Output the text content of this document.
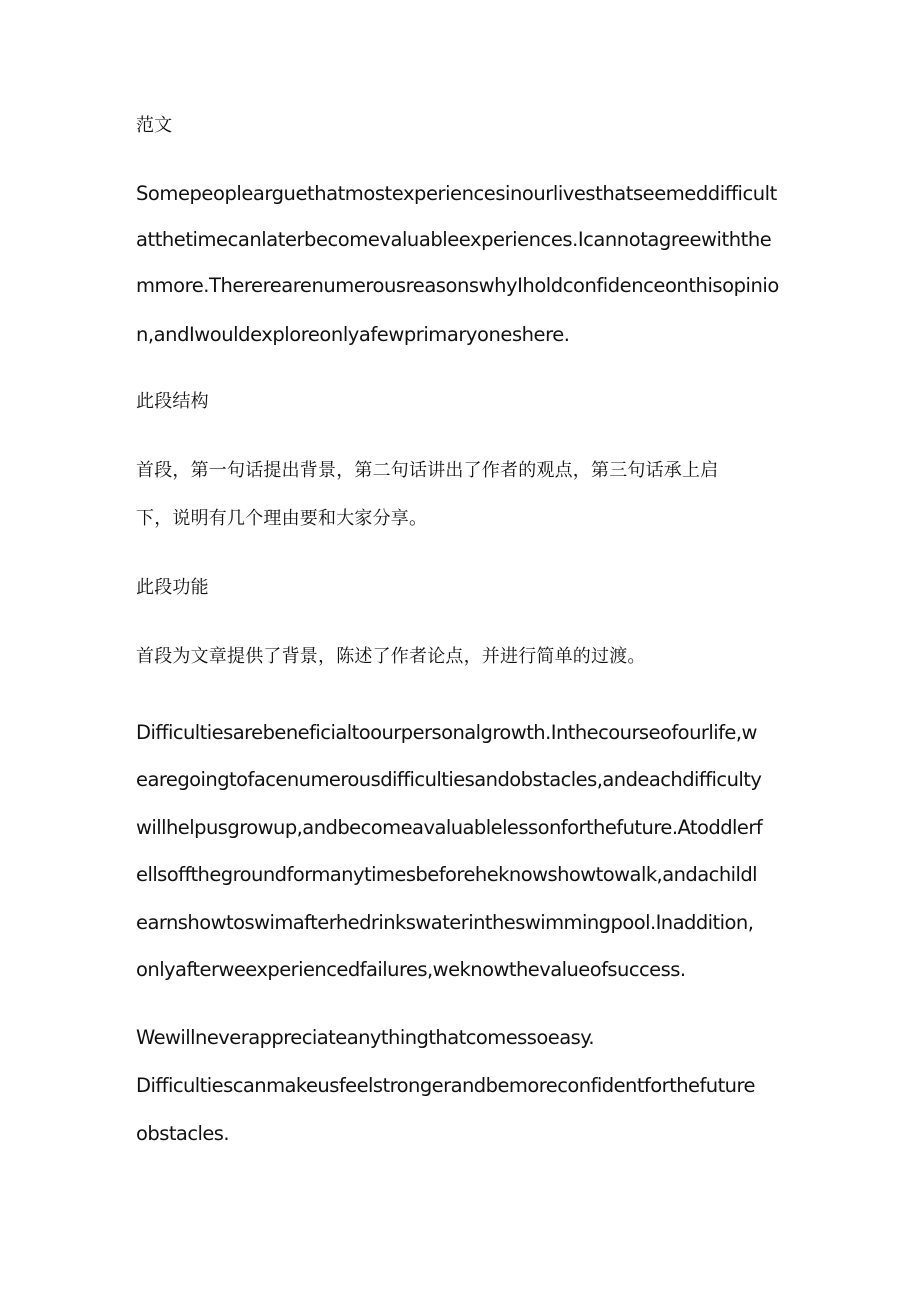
范文

Somepeoplearguethatmostexperiencesinourlivesthatseemeddifficult

atthetimecanlaterbecomevaluableexperiences.Icannotagreewiththe

mmore.ThererearenumerousreasonswhyIholdconfidenceonthisopinio

n,andIwouldexploreonlyafewprimaryoneshere.

此段结构

首段，第一句话提出背景，第二句话讲出了作者的观点，第三句话承上启

下，说明有几个理由要和大家分享。

此段功能

首段为文章提供了背景，陈述了作者论点，并进行简单的过渡。

Difficultiesarebeneficialtoourpersonalgrowth.Inthecourseofourlife,w

earegoingtofacenumerousdifficultiesandobstacles,andeachdifficulty

willhelpusgrowup,andbecomeavaluablelessonforthefuture.Atoddlerf

ellsoffthegroundformanytimesbeforeheknowshowtowalk,andachildl

earnshowtoswimafterhedrinkswaterintheswimmingpool.Inaddition,

onlyafterweexperiencedfailures,weknowthevalueofsuccess.

Wewillneverappreciateanythingthatcomessoeasy.

Difficultiescanmakeusfeelstrongerandbemoreconfidentforthefuture

obstacles.
